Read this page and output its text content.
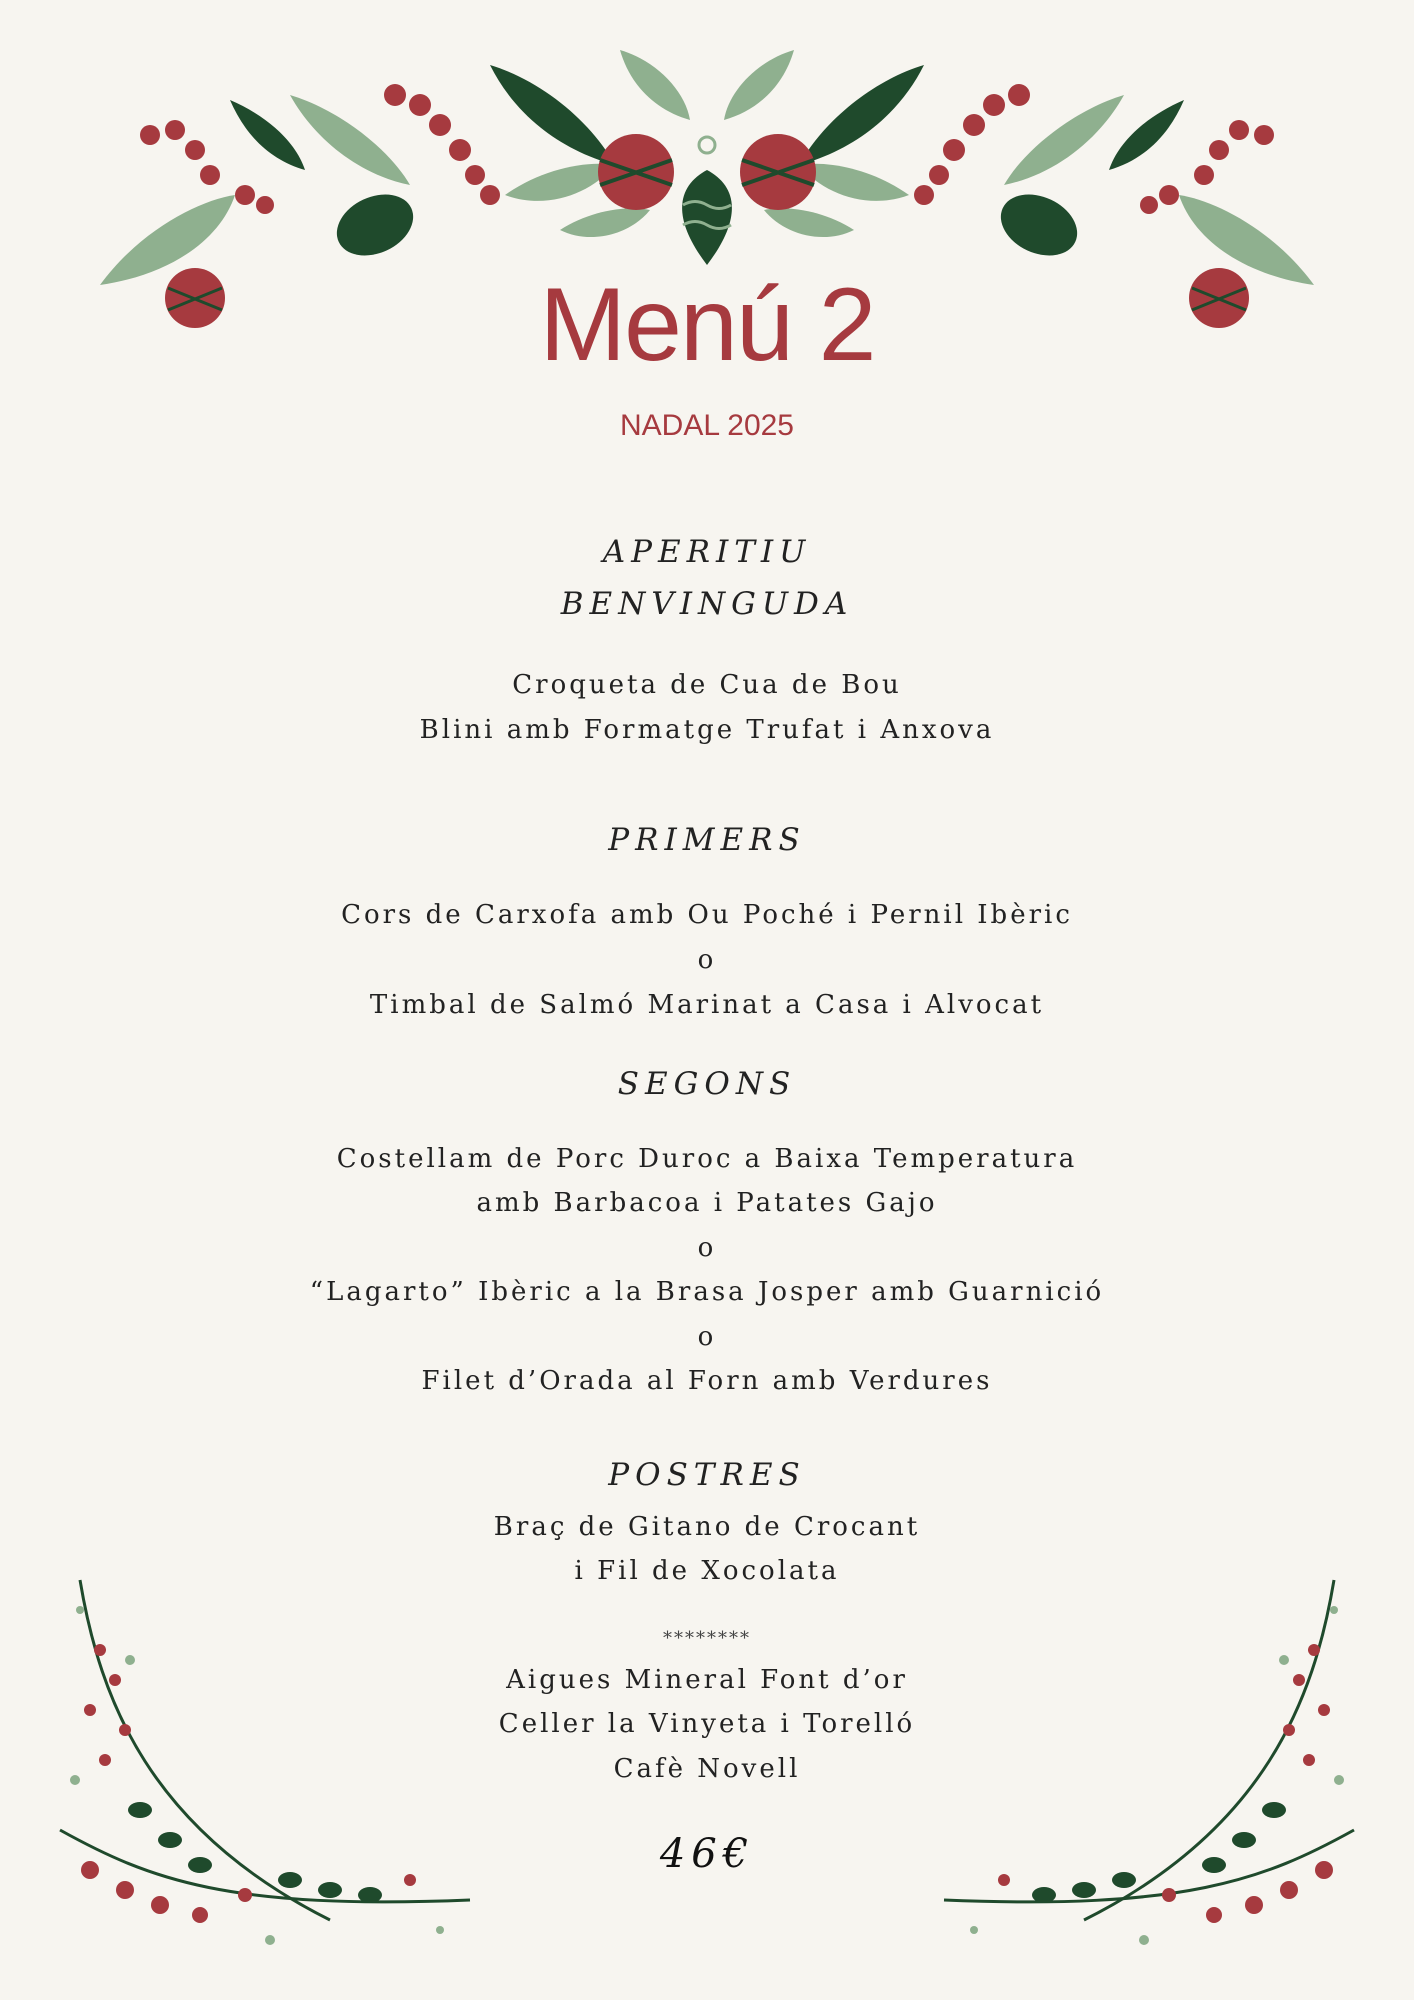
Menú 2
NADAL 2025
APERITIU
BENVINGUDA
Croqueta de Cua de Bou
Blini amb Formatge Trufat i Anxova
PRIMERS
Cors de Carxofa amb Ou Poché i Pernil Ibèric
o
Timbal de Salmó Marinat a Casa i Alvocat
SEGONS
Costellam de Porc Duroc a Baixa Temperatura
amb Barbacoa i Patates Gajo
o
“Lagarto” Ibèric a la Brasa Josper amb Guarnició
o
Filet d’Orada al Forn amb Verdures
POSTRES
Braç de Gitano de Crocant
i Fil de Xocolata
********
Aigues Mineral Font d’or
Celler la Vinyeta i Torelló
Cafè Novell
46€
